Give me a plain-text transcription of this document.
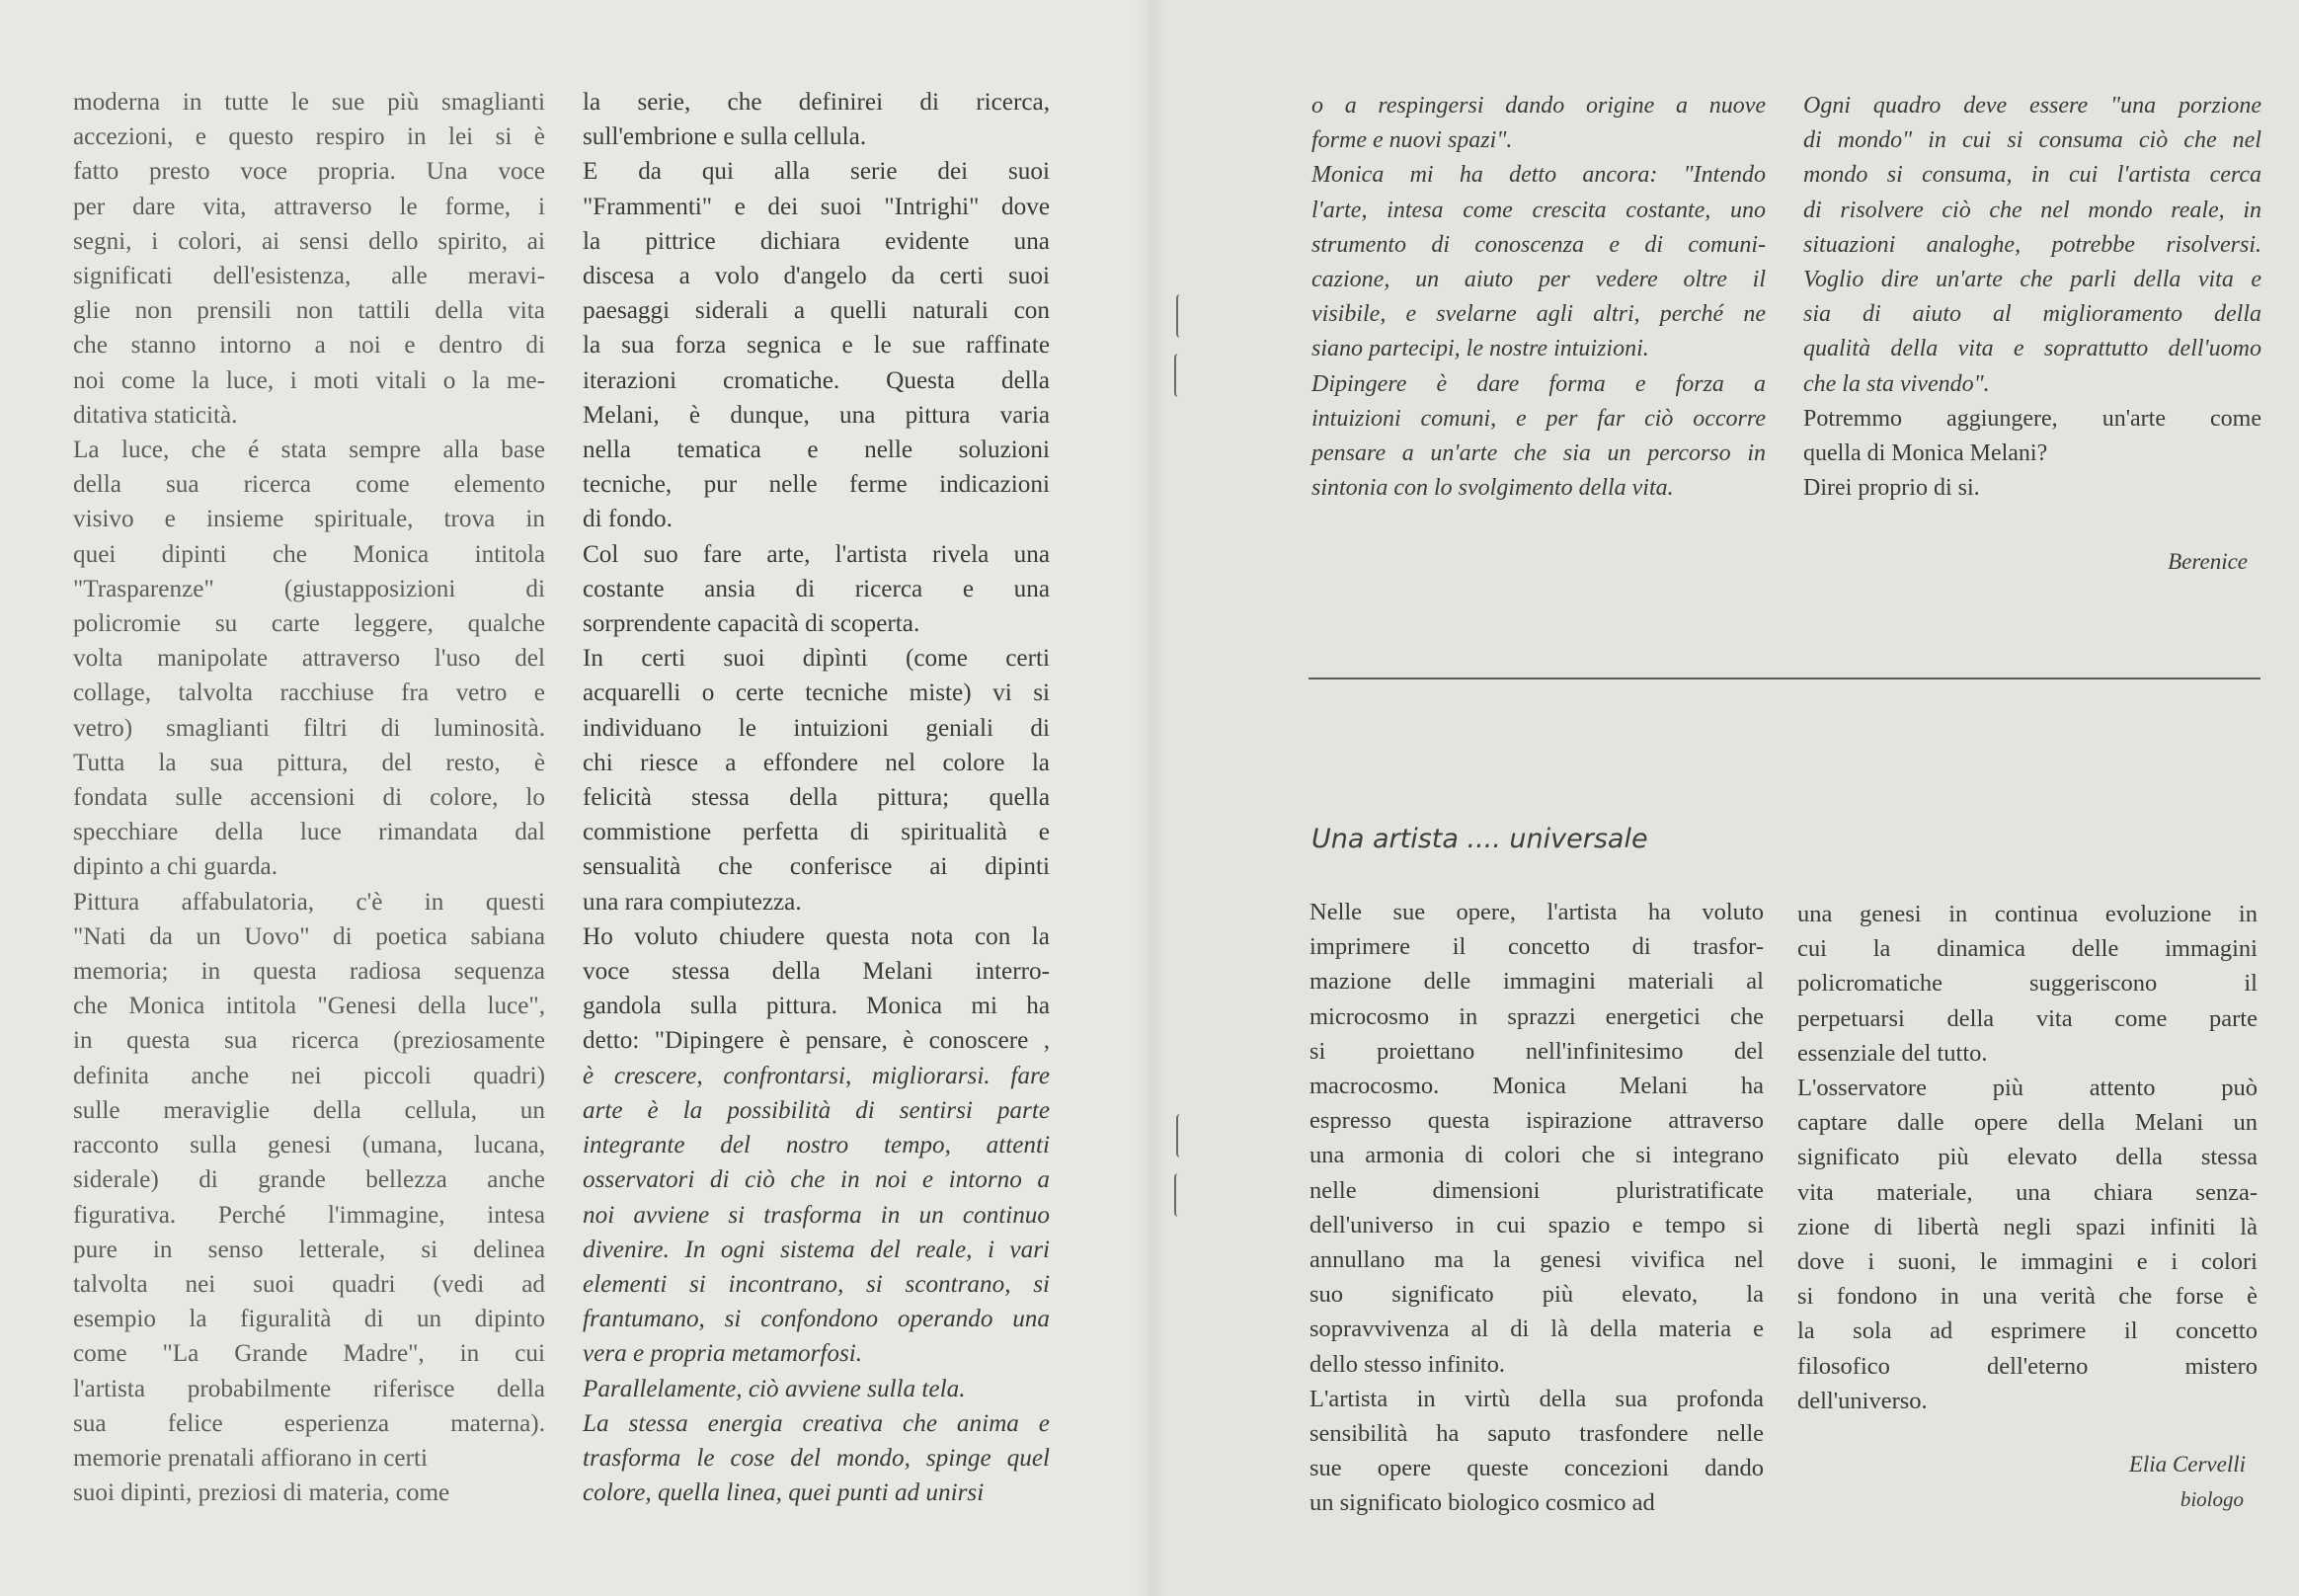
moderna in tutte le sue più smaglianti
accezioni, e questo respiro in lei si è
fatto presto voce propria. Una voce
per dare vita, attraverso le forme, i
segni, i colori, ai sensi dello spirito, ai
significati dell'esistenza, alle meravi-
glie non prensili non tattili della vita
che stanno intorno a noi e dentro di
noi come la luce, i moti vitali o la me-
ditativa staticità.
La luce, che é stata sempre alla base
della sua ricerca come elemento
visivo e insieme spirituale, trova in
quei dipinti che Monica intitola
"Trasparenze" (giustapposizioni di
policromie su carte leggere, qualche
volta manipolate attraverso l'uso del
collage, talvolta racchiuse fra vetro e
vetro) smaglianti filtri di luminosità.
Tutta la sua pittura, del resto, è
fondata sulle accensioni di colore, lo
specchiare della luce rimandata dal
dipinto a chi guarda.
Pittura affabulatoria, c'è in questi
"Nati da un Uovo" di poetica sabiana
memoria; in questa radiosa sequenza
che Monica intitola "Genesi della luce",
in questa sua ricerca (preziosamente
definita anche nei piccoli quadri)
sulle meraviglie della cellula, un
racconto sulla genesi (umana, lucana,
siderale) di grande bellezza anche
figurativa. Perché l'immagine, intesa
pure in senso letterale, si delinea
talvolta nei suoi quadri (vedi ad
esempio la figuralità di un dipinto
come "La Grande Madre", in cui
l'artista probabilmente riferisce della
sua felice esperienza materna).
memorie prenatali affiorano in certi
suoi dipinti, preziosi di materia, come
la serie, che definirei di ricerca,
sull'embrione e sulla cellula.
E da qui alla serie dei suoi
"Frammenti" e dei suoi "Intrighi" dove
la pittrice dichiara evidente una
discesa a volo d'angelo da certi suoi
paesaggi siderali a quelli naturali con
la sua forza segnica e le sue raffinate
iterazioni cromatiche. Questa della
Melani, è dunque, una pittura varia
nella tematica e nelle soluzioni
tecniche, pur nelle ferme indicazioni
di fondo.
Col suo fare arte, l'artista rivela una
costante ansia di ricerca e una
sorprendente capacità di scoperta.
In certi suoi dipìnti (come certi
acquarelli o certe tecniche miste) vi si
individuano le intuizioni geniali di
chi riesce a effondere nel colore la
felicità stessa della pittura; quella
commistione perfetta di spiritualità e
sensualità che conferisce ai dipinti
una rara compiutezza.
Ho voluto chiudere questa nota con la
voce stessa della Melani interro-
gandola sulla pittura. Monica mi ha
detto: "Dipingere è pensare, è conoscere ,
è crescere, confrontarsi, migliorarsi. fare
arte è la possibilità di sentirsi parte
integrante del nostro tempo, attenti
osservatori di ciò che in noi e intorno a
noi avviene si trasforma in un continuo
divenire. In ogni sistema del reale, i vari
elementi si incontrano, si scontrano, si
frantumano, si confondono operando una
vera e propria metamorfosi.
Parallelamente, ciò avviene sulla tela.
La stessa energia creativa che anima e
trasforma le cose del mondo, spinge quel
colore, quella linea, quei punti ad unirsi
o a respingersi dando origine a nuove
forme e nuovi spazi".
Monica mi ha detto ancora: "Intendo
l'arte, intesa come crescita costante, uno
strumento di conoscenza e di comuni-
cazione, un aiuto per vedere oltre il
visibile, e svelarne agli altri, perché ne
siano partecipi, le nostre intuizioni.
Dipingere è dare forma e forza a
intuizioni comuni, e per far ciò occorre
pensare a un'arte che sia un percorso in
sintonia con lo svolgimento della vita.
Ogni quadro deve essere "una porzione
di mondo" in cui si consuma ciò che nel
mondo si consuma, in cui l'artista cerca
di risolvere ciò che nel mondo reale, in
situazioni analoghe, potrebbe risolversi.
Voglio dire un'arte che parli della vita e
sia di aiuto al miglioramento della
qualità della vita e soprattutto dell'uomo
che la sta vivendo".
Potremmo aggiungere, un'arte come
quella di Monica Melani?
Direi proprio di si.
Berenice
Una artista .... universale
Nelle sue opere, l'artista ha voluto
imprimere il concetto di trasfor-
mazione delle immagini materiali al
microcosmo in sprazzi energetici che
si proiettano nell'infinitesimo del
macrocosmo. Monica Melani ha
espresso questa ispirazione attraverso
una armonia di colori che si integrano
nelle dimensioni pluristratificate
dell'universo in cui spazio e tempo si
annullano ma la genesi vivifica nel
suo significato più elevato, la
sopravvivenza al di là della materia e
dello stesso infinito.
L'artista in virtù della sua profonda
sensibilità ha saputo trasfondere nelle
sue opere queste concezioni dando
un significato biologico cosmico ad
una genesi in continua evoluzione in
cui la dinamica delle immagini
policromatiche suggeriscono il
perpetuarsi della vita come parte
essenziale del tutto.
L'osservatore più attento può
captare dalle opere della Melani un
significato più elevato della stessa
vita materiale, una chiara senza-
zione di libertà negli spazi infiniti là
dove i suoni, le immagini e i colori
si fondono in una verità che forse è
la sola ad esprimere il concetto
filosofico dell'eterno mistero
dell'universo.
Elia Cervelli
biologo
